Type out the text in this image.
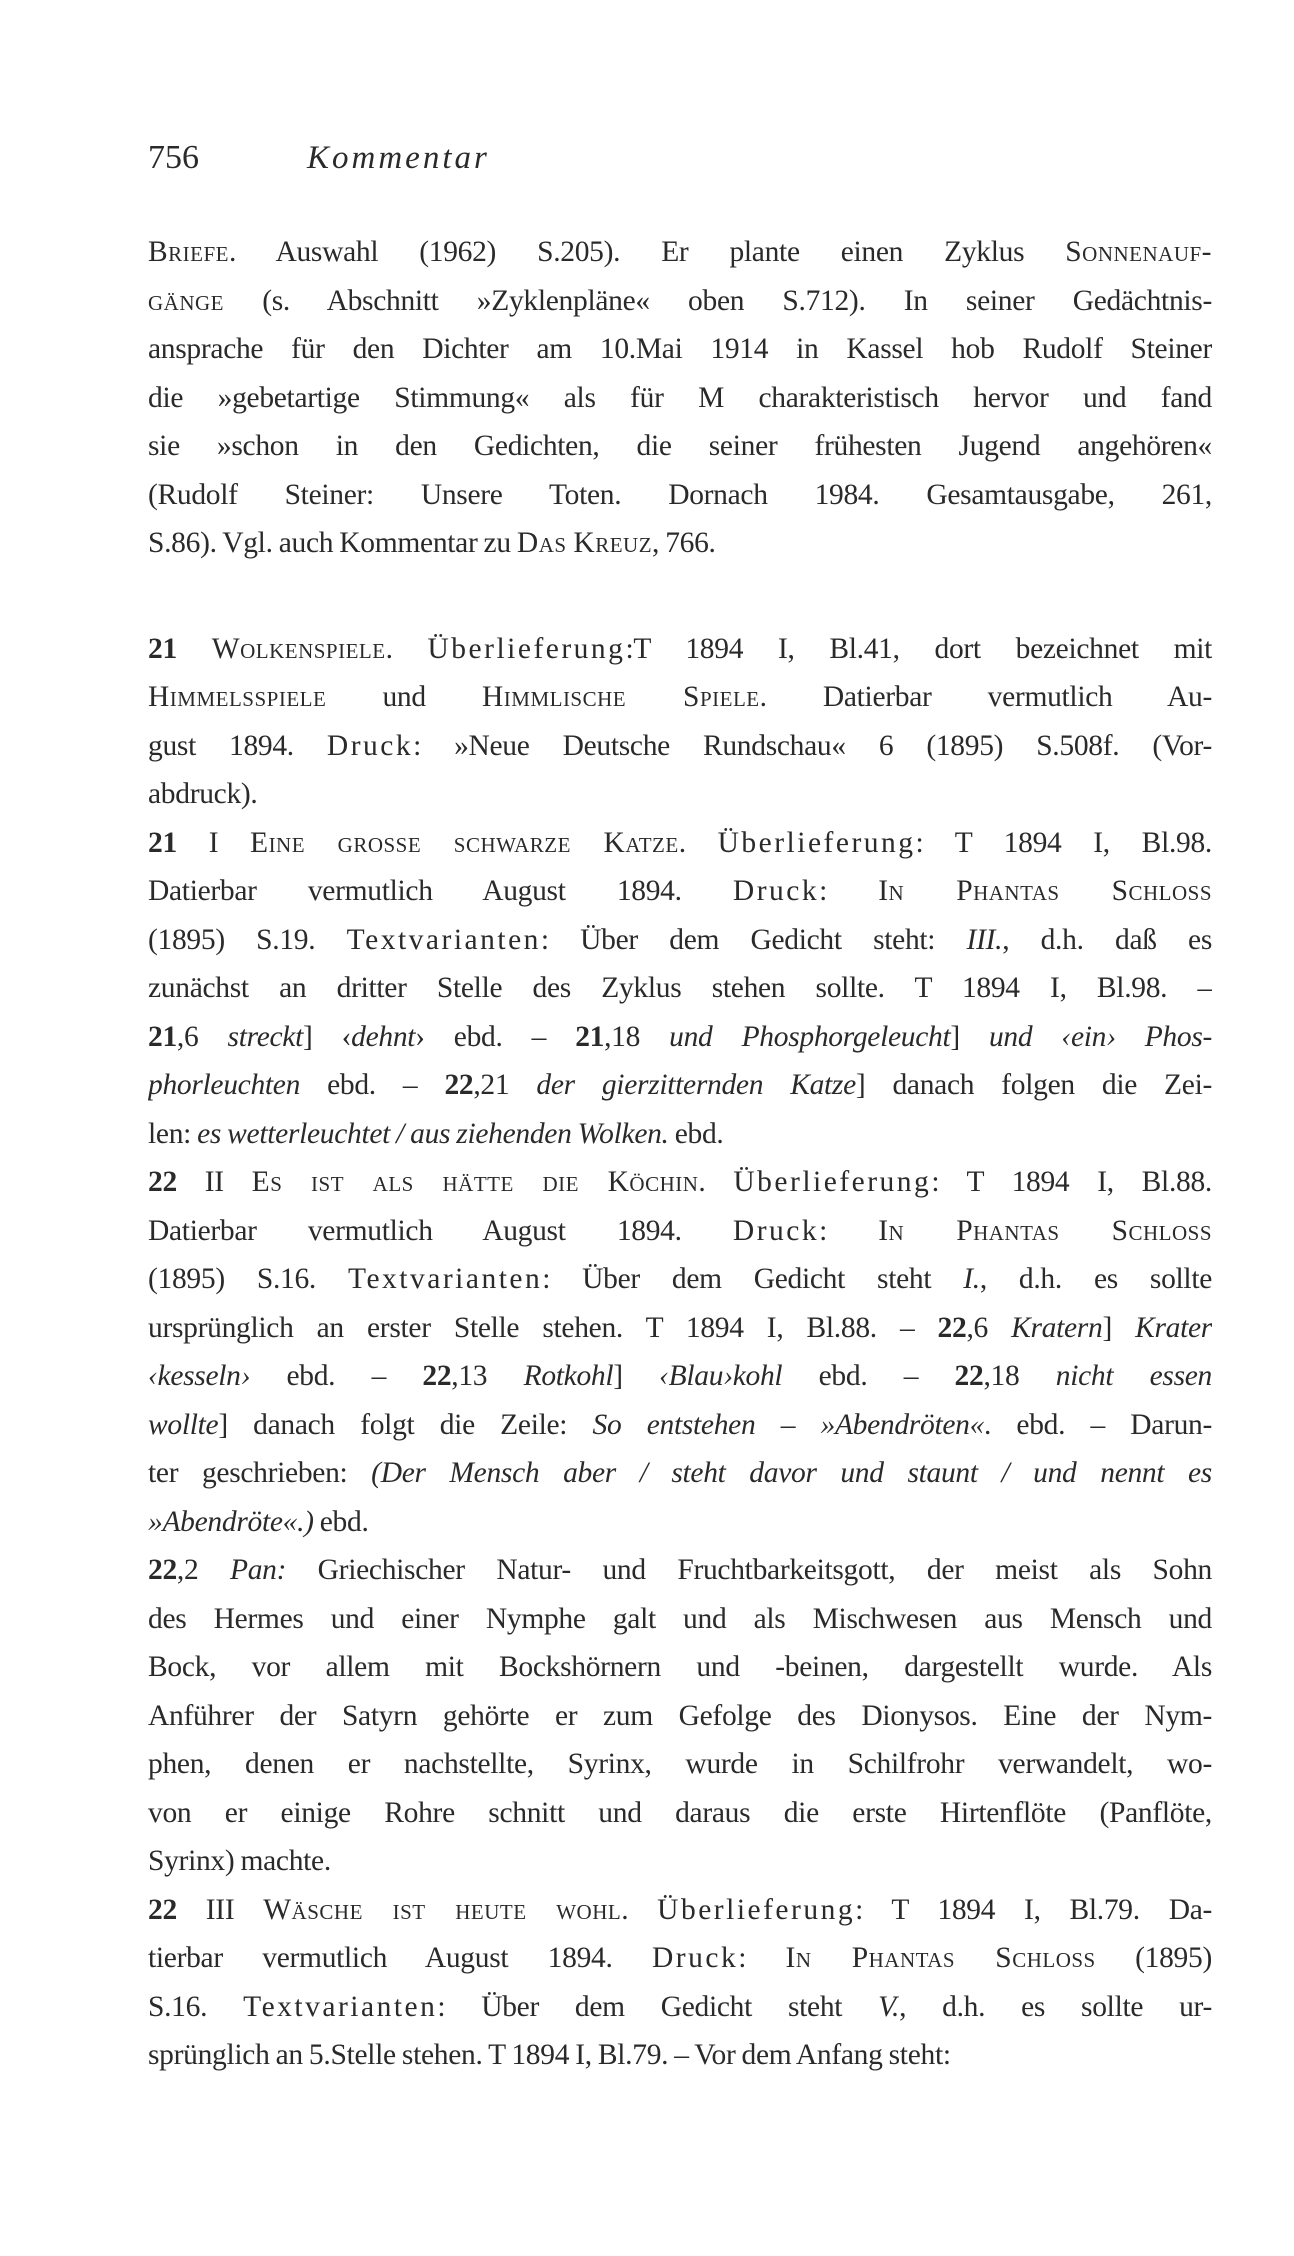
756	Kommentar
Briefe. Auswahl (1962) S.205). Er plante einen Zyklus Sonnenauf-
gänge (s. Abschnitt »Zyklenpläne« oben S.712). In seiner Gedächtnis-
ansprache für den Dichter am 10.Mai 1914 in Kassel hob Rudolf Steiner
die »gebetartige Stimmung« als für M charakteristisch hervor und fand
sie »schon in den Gedichten, die seiner frühesten Jugend angehören«
(Rudolf Steiner: Unsere Toten. Dornach 1984. Gesamtausgabe, 261,
S.86). Vgl. auch Kommentar zu Das Kreuz, 766.
21 Wolkenspiele. Überlieferung:T 1894 I, Bl.41, dort bezeichnet mit
Himmelsspiele und Himmlische Spiele. Datierbar vermutlich Au-
gust 1894. Druck: »Neue Deutsche Rundschau« 6 (1895) S.508f. (Vor-
abdruck).
21 I Eine grosse schwarze Katze. Überlieferung: T 1894 I, Bl.98.
Datierbar vermutlich August 1894. Druck: In Phantas Schloss
(1895) S.19. Textvarianten: Über dem Gedicht steht: III., d.h. daß es
zunächst an dritter Stelle des Zyklus stehen sollte. T 1894 I, Bl.98. –
21,6 streckt] ‹dehnt› ebd. – 21,18 und Phosphorgeleucht] und ‹ein› Phos-
phorleuchten ebd. – 22,21 der gierzitternden Katze] danach folgen die Zei-
len: es wetterleuchtet / aus ziehenden Wolken. ebd.
22 II Es ist als hätte die Köchin. Überlieferung: T 1894 I, Bl.88.
Datierbar vermutlich August 1894. Druck: In Phantas Schloss
(1895) S.16. Textvarianten: Über dem Gedicht steht I., d.h. es sollte
ursprünglich an erster Stelle stehen. T 1894 I, Bl.88. – 22,6 Kratern] Krater
‹kesseln› ebd. – 22,13 Rotkohl] ‹Blau›kohl ebd. – 22,18 nicht essen
wollte] danach folgt die Zeile: So entstehen – »Abendröten«. ebd. – Darun-
ter geschrieben: (Der Mensch aber / steht davor und staunt / und nennt es
»Abendröte«.) ebd.
22,2 Pan: Griechischer Natur- und Fruchtbarkeitsgott, der meist als Sohn
des Hermes und einer Nymphe galt und als Mischwesen aus Mensch und
Bock, vor allem mit Bockshörnern und -beinen, dargestellt wurde. Als
Anführer der Satyrn gehörte er zum Gefolge des Dionysos. Eine der Nym-
phen, denen er nachstellte, Syrinx, wurde in Schilfrohr verwandelt, wo-
von er einige Rohre schnitt und daraus die erste Hirtenflöte (Panflöte,
Syrinx) machte.
22 III Wäsche ist heute wohl. Überlieferung: T 1894 I, Bl.79. Da-
tierbar vermutlich August 1894. Druck: In Phantas Schloss (1895)
S.16. Textvarianten: Über dem Gedicht steht V., d.h. es sollte ur-
sprünglich an 5.Stelle stehen. T 1894 I, Bl.79. – Vor dem Anfang steht:
